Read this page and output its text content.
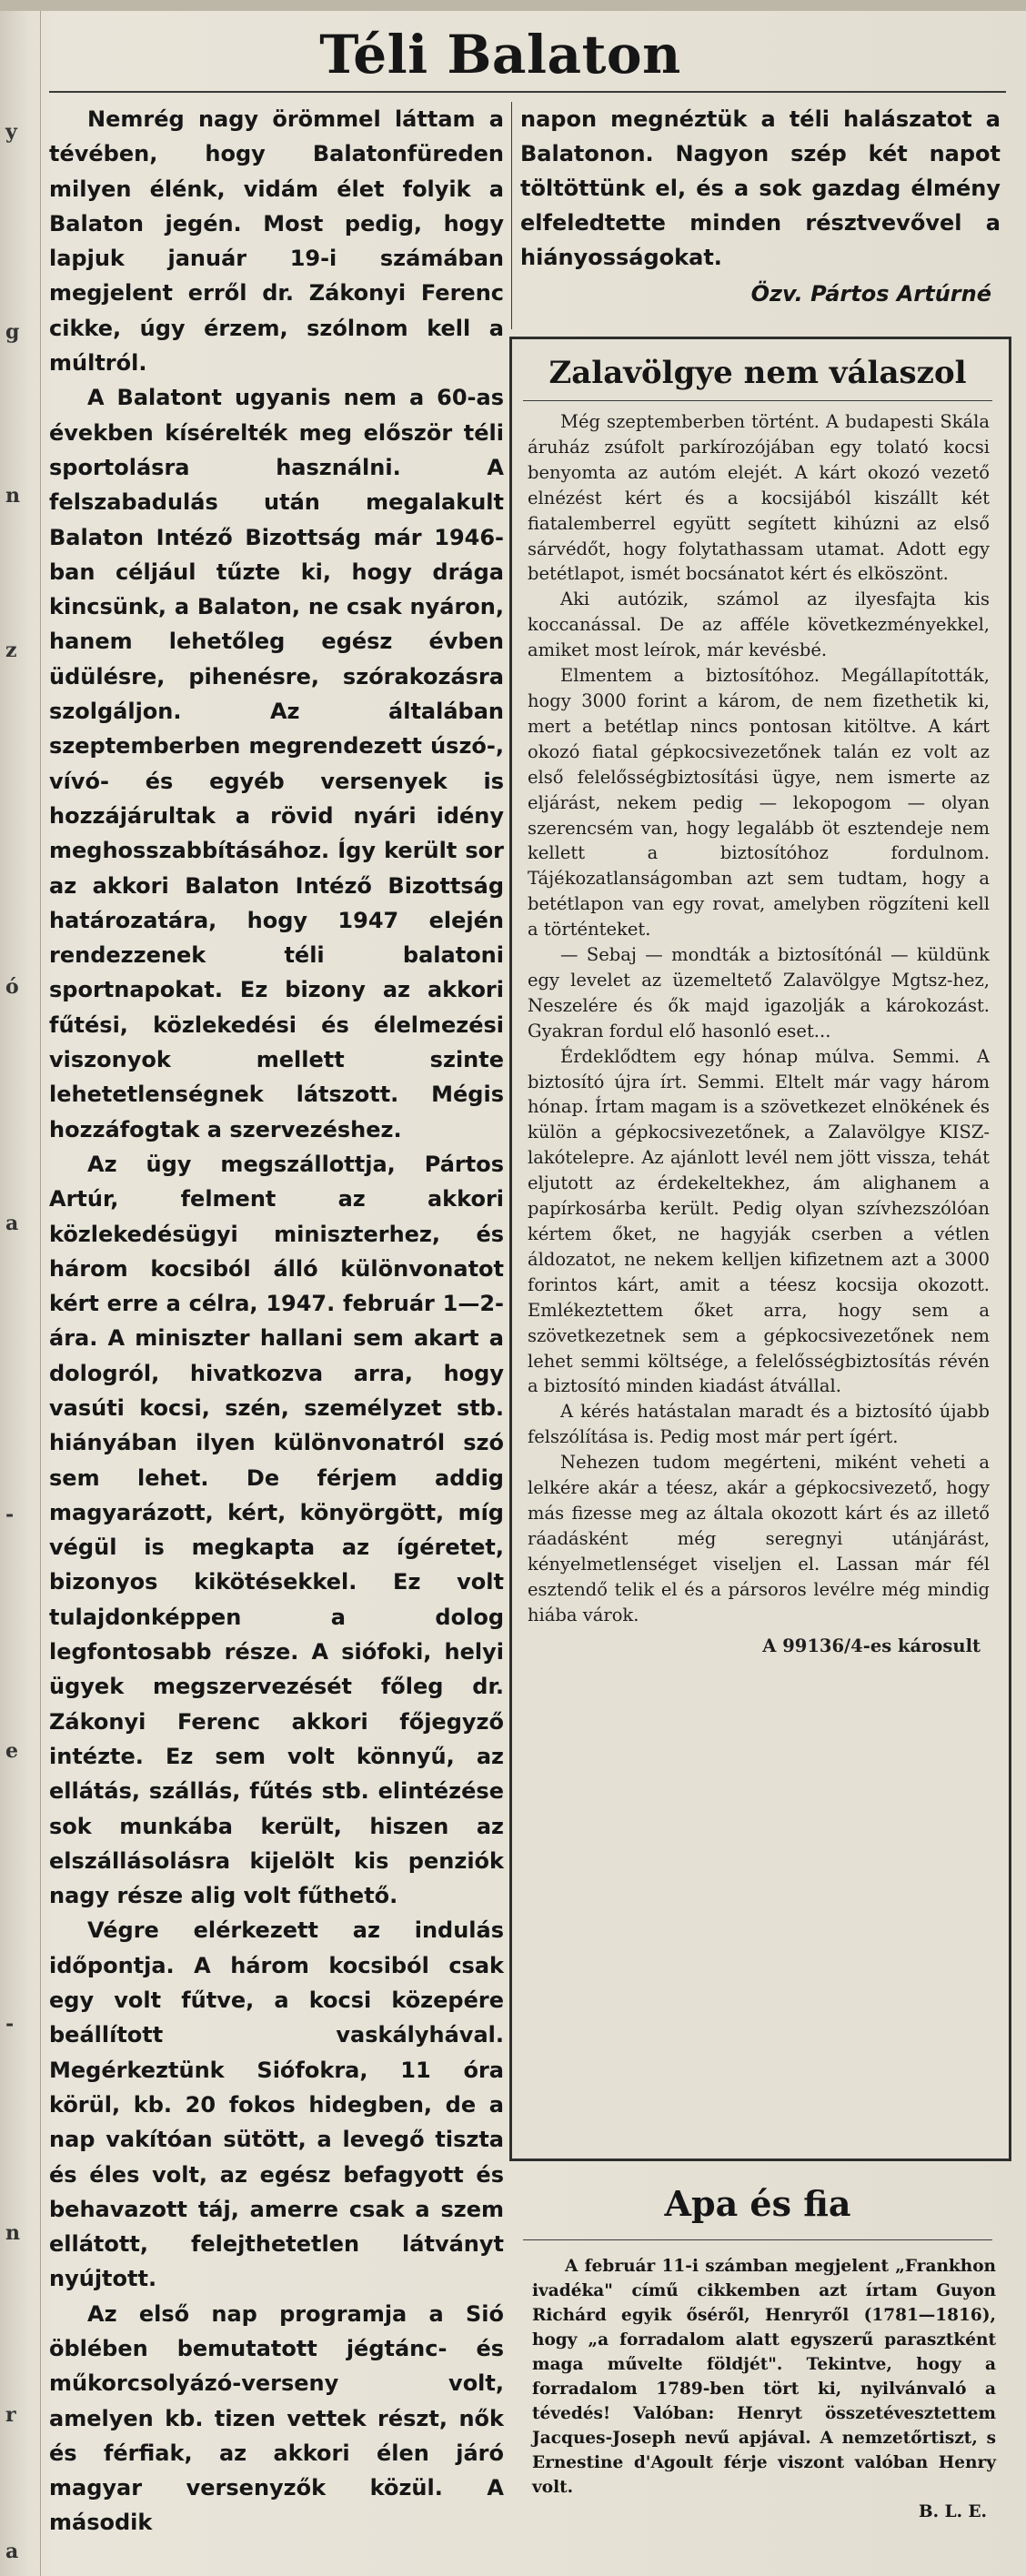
y
g
n
z
ó
a
-
e
-
n
r
a
Téli Balaton

Nemrég nagy örömmel láttam a tévében, hogy Balatonfüreden milyen élénk, vidám élet folyik a Balaton jegén. Most pedig, hogy lapjuk január 19-i számában megjelent erről dr. Zákonyi Ferenc cikke, úgy érzem, szólnom kell a múltról.

A Balatont ugyanis nem a 60-as években kísérelték meg először téli sportolásra használni. A felszabadulás után megalakult Balaton Intéző Bizottság már 1946-ban céljául tűzte ki, hogy drága kincsünk, a Balaton, ne csak nyáron, hanem lehetőleg egész évben üdülésre, pihenésre, szórakozásra szolgáljon. Az általában szeptemberben megrendezett úszó-, vívó- és egyéb versenyek is hozzájárultak a rövid nyári idény meghosszabbításához. Így került sor az akkori Balaton Intéző Bizottság határozatára, hogy 1947 elején rendezzenek téli balatoni sportnapokat. Ez bizony az akkori fűtési, közlekedési és élelmezési viszonyok mellett szinte lehetetlenségnek látszott. Mégis hozzáfogtak a szervezéshez.

Az ügy megszállottja, Pártos Artúr, felment az akkori közlekedésügyi miniszterhez, és három kocsiból álló különvonatot kért erre a célra, 1947. február 1—2-ára. A miniszter hallani sem akart a dologról, hivatkozva arra, hogy vasúti kocsi, szén, személyzet stb. hiányában ilyen különvonatról szó sem lehet. De férjem addig magyarázott, kért, könyörgött, míg végül is megkapta az ígéretet, bizonyos kikötésekkel. Ez volt tulajdonképpen a dolog legfontosabb része. A siófoki, helyi ügyek megszervezését főleg dr. Zákonyi Ferenc akkori főjegyző intézte. Ez sem volt könnyű, az ellátás, szállás, fűtés stb. elintézése sok munkába került, hiszen az elszállásolásra kijelölt kis penziók nagy része alig volt fűthető.

Végre elérkezett az indulás időpontja. A három kocsiból csak egy volt fűtve, a kocsi közepére beállított vaskályhával. Megérkeztünk Siófokra, 11 óra körül, kb. 20 fokos hidegben, de a nap vakítóan sütött, a levegő tiszta és éles volt, az egész befagyott és behavazott táj, amerre csak a szem ellátott, felejthetetlen látványt nyújtott.

Az első nap programja a Sió öblében bemutatott jégtánc- és műkorcsolyázó-verseny volt, amelyen kb. tizen vettek részt, nők és férfiak, az akkori élen járó magyar versenyzők közül. A második

napon megnéztük a téli halászatot a Balatonon. Nagyon szép két napot töltöttünk el, és a sok gazdag élmény elfeledtette minden résztvevővel a hiányosságokat.

Özv. Pártos Artúrné

Zalavölgye nem válaszol

Még szeptemberben történt. A budapesti Skála áruház zsúfolt parkírozójában egy tolató kocsi benyomta az autóm elejét. A kárt okozó vezető elnézést kért és a kocsijából kiszállt két fiatalemberrel együtt segített kihúzni az első sárvédőt, hogy folytathassam utamat. Adott egy betétlapot, ismét bocsánatot kért és elköszönt.

Aki autózik, számol az ilyesfajta kis koccanással. De az afféle következményekkel, amiket most leírok, már kevésbé.

Elmentem a biztosítóhoz. Megállapították, hogy 3000 forint a károm, de nem fizethetik ki, mert a betétlap nincs pontosan kitöltve. A kárt okozó fiatal gépkocsivezetőnek talán ez volt az első felelősségbiztosítási ügye, nem ismerte az eljárást, nekem pedig — lekopogom — olyan szerencsém van, hogy legalább öt esztendeje nem kellett a biztosítóhoz fordulnom. Tájékozatlanságomban azt sem tudtam, hogy a betétlapon van egy rovat, amelyben rögzíteni kell a történteket.

— Sebaj — mondták a biztosítónál — küldünk egy levelet az üzemeltető Zalavölgye Mgtsz-hez, Neszelére és ők majd igazolják a károkozást. Gyakran fordul elő hasonló eset...

Érdeklődtem egy hónap múlva. Semmi. A biztosító újra írt. Semmi. Eltelt már vagy három hónap. Írtam magam is a szövetkezet elnökének és külön a gépkocsivezetőnek, a Zalavölgye KISZ-lakótelepre. Az ajánlott levél nem jött vissza, tehát eljutott az érdekeltekhez, ám alighanem a papírkosárba került. Pedig olyan szívhezszólóan kértem őket, ne hagyják cserben a vétlen áldozatot, ne nekem kelljen kifizetnem azt a 3000 forintos kárt, amit a téesz kocsija okozott. Emlékeztettem őket arra, hogy sem a szövetkezetnek sem a gépkocsivezetőnek nem lehet semmi költsége, a felelősségbiztosítás révén a biztosító minden kiadást átvállal.

A kérés hatástalan maradt és a biztosító újabb felszólítása is. Pedig most már pert ígért.

Nehezen tudom megérteni, miként veheti a lelkére akár a téesz, akár a gépkocsivezető, hogy más fizesse meg az általa okozott kárt és az illető ráadásként még seregnyi utánjárást, kényelmetlenséget viseljen el. Lassan már fél esztendő telik el és a pársoros levélre még mindig hiába várok.

A 99136/4-es károsult

Apa és fia

A február 11-i számban megjelent „Frankhon ivadéka" című cikkemben azt írtam Guyon Richárd egyik őséről, Henryről (1781—1816), hogy „a forradalom alatt egyszerű parasztként maga művelte földjét". Tekintve, hogy a forradalom 1789-ben tört ki, nyilvánvaló a tévedés! Valóban: Henryt összetévesztettem Jacques-Joseph nevű apjával. A nemzetőrtiszt, s Ernestine d'Agoult férje viszont valóban Henry volt.

B. L. E.
